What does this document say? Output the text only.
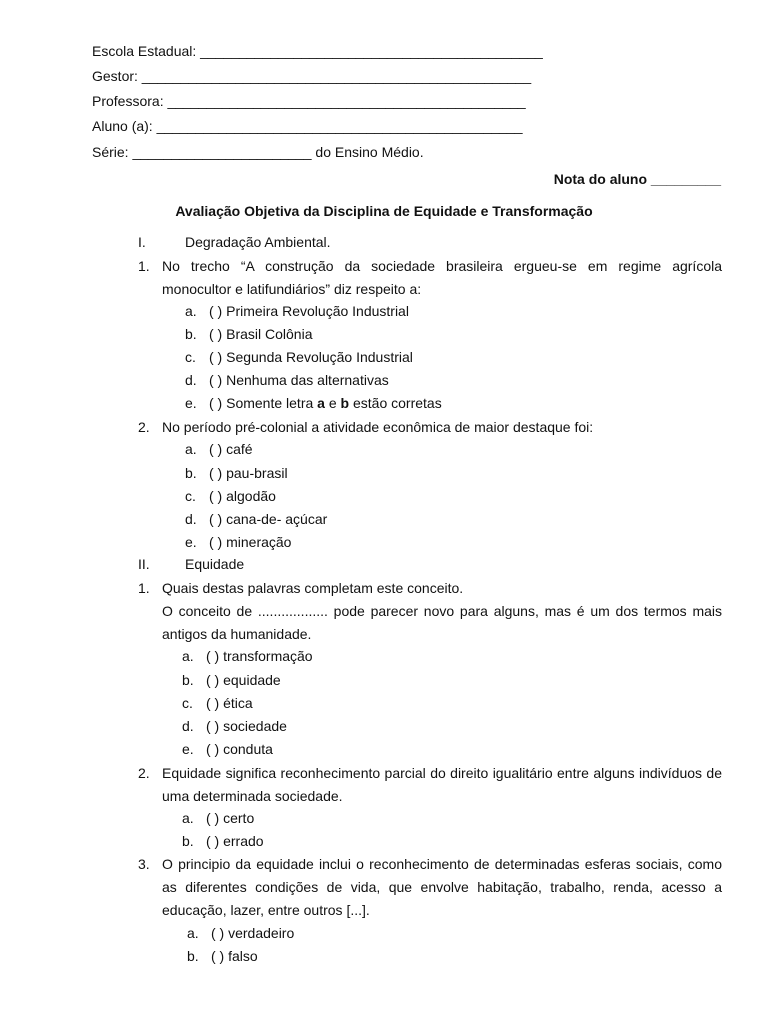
Escola Estadual: ____________________________________________
Gestor: __________________________________________________
Professora: ______________________________________________
Aluno (a): _______________________________________________
Série: _______________________ do Ensino Médio.
Nota do aluno _________
Avaliação Objetiva da Disciplina de Equidade e Transformação
I.	Degradação Ambiental.
1. No trecho “A construção da sociedade brasileira ergueu-se em regime agrícola monocultor e latifundiários” diz respeito a:
a. ( ) Primeira Revolução Industrial
b. ( ) Brasil Colônia
c. ( ) Segunda Revolução Industrial
d. ( ) Nenhuma das alternativas
e. ( ) Somente letra a e b estão corretas
2. No período pré-colonial a atividade econômica de maior destaque foi:
a. ( ) café
b. ( ) pau-brasil
c. ( ) algodão
d. ( ) cana-de- açúcar
e. ( ) mineração
II.	Equidade
1. Quais destas palavras completam este conceito.
O conceito de .................. pode parecer novo para alguns, mas é um dos termos mais antigos da humanidade.
a. ( ) transformação
b. ( ) equidade
c. ( ) ética
d. ( ) sociedade
e. ( ) conduta
2. Equidade significa reconhecimento parcial do direito igualitário entre alguns indivíduos de uma determinada sociedade.
a. ( ) certo
b. ( ) errado
3. O principio da equidade inclui o reconhecimento de determinadas esferas sociais, como as diferentes condições de vida, que envolve habitação, trabalho, renda, acesso a educação, lazer, entre outros [...].
a. ( ) verdadeiro
b. ( ) falso
